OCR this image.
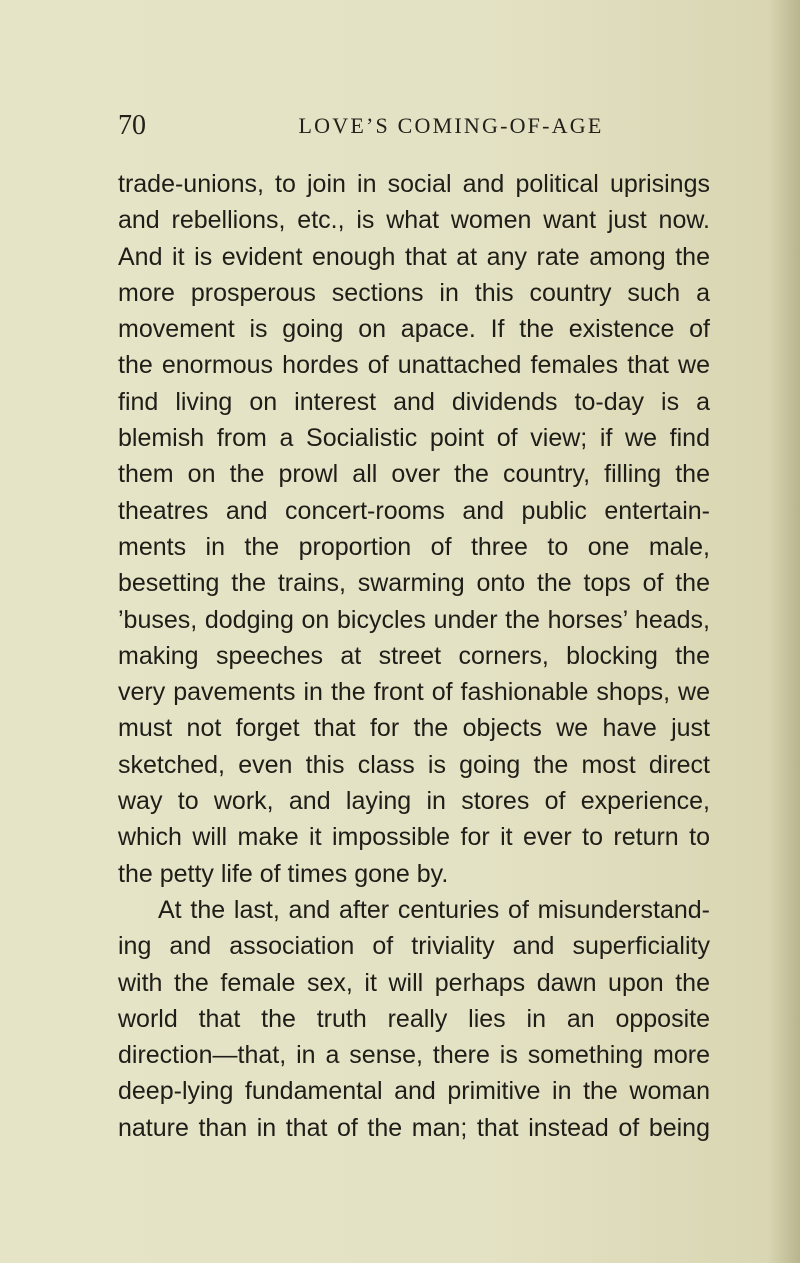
70	LOVE’S COMING-OF-AGE
trade-unions, to join in social and political uprisings
and rebellions, etc., is what women want just now.
And it is evident enough that at any rate among the
more prosperous sections in this country such a
movement is going on apace. If the existence of
the enormous hordes of unattached females that we
find living on interest and dividends to-day is a
blemish from a Socialistic point of view; if we find
them on the prowl all over the country, filling the
theatres and concert-rooms and public entertain-
ments in the proportion of three to one male,
besetting the trains, swarming onto the tops of the
’buses, dodging on bicycles under the horses’ heads,
making speeches at street corners, blocking the
very pavements in the front of fashionable shops, we
must not forget that for the objects we have just
sketched, even this class is going the most direct
way to work, and laying in stores of experience,
which will make it impossible for it ever to return to
the petty life of times gone by.
At the last, and after centuries of misunderstand-
ing and association of triviality and superficiality
with the female sex, it will perhaps dawn upon the
world that the truth really lies in an opposite
direction—that, in a sense, there is something more
deep-lying fundamental and primitive in the woman
nature than in that of the man; that instead of being
